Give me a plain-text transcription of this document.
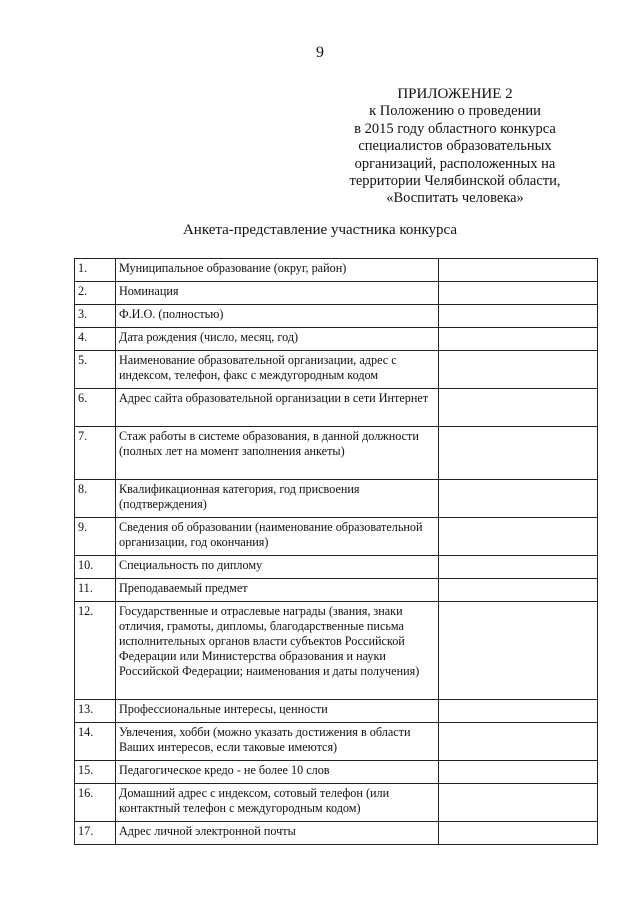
9
ПРИЛОЖЕНИЕ 2
к Положению о проведении
в 2015 году областного конкурса
специалистов образовательных
организаций, расположенных на
территории Челябинской области,
«Воспитать человека»
Анкета-представление участника конкурса
1.	Муниципальное образование (округ, район)	
2.	Номинация	
3.	Ф.И.О. (полностью)	
4.	Дата рождения (число, месяц, год)	
5.	Наименование образовательной организации, адрес с индексом, телефон, факс с междугородным кодом	
6.	Адрес сайта образовательной организации в сети Интернет	
7.	Стаж работы в системе образования, в данной должности (полных лет на момент заполнения анкеты)	
8.	Квалификационная категория, год присвоения (подтверждения)	
9.	Сведения об образовании (наименование образовательной организации, год окончания)	
10.	Специальность по диплому	
11.	Преподаваемый предмет	
12.	Государственные и отраслевые награды (звания, знаки отличия, грамоты, дипломы, благодарственные письма исполнительных органов власти субъектов Российской Федерации или Министерства образования и науки Российской Федерации; наименования и даты получения)	
13.	Профессиональные интересы, ценности	
14.	Увлечения, хобби (можно указать достижения в области Ваших интересов, если таковые имеются)	
15.	Педагогическое кредо - не более 10 слов	
16.	Домашний адрес с индексом, сотовый телефон (или контактный телефон с междугородным кодом)	
17.	Адрес личной электронной почты	
